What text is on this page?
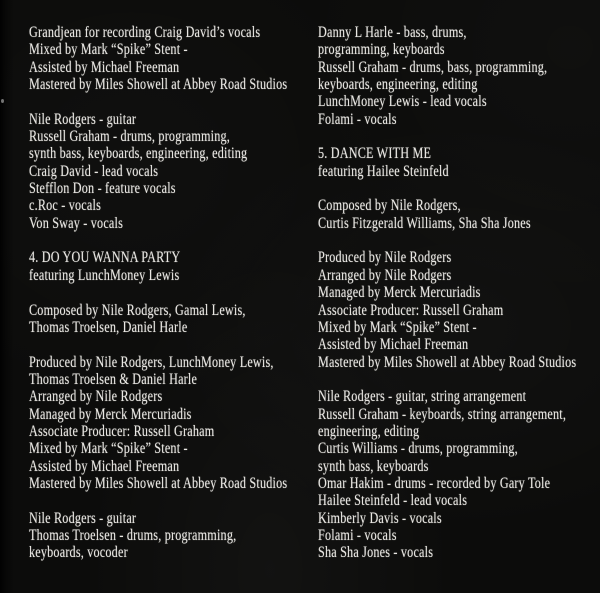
Grandjean for recording Craig David’s vocals
Mixed by Mark “Spike” Stent -
Assisted by Michael Freeman
Mastered by Miles Showell at Abbey Road Studios

Nile Rodgers - guitar
Russell Graham - drums, programming,
synth bass, keyboards, engineering, editing
Craig David - lead vocals
Stefflon Don - feature vocals
c.Roc - vocals
Von Sway - vocals

4. DO YOU WANNA PARTY
featuring LunchMoney Lewis

Composed by Nile Rodgers, Gamal Lewis,
Thomas Troelsen, Daniel Harle

Produced by Nile Rodgers, LunchMoney Lewis,
Thomas Troelsen & Daniel Harle
Arranged by Nile Rodgers
Managed by Merck Mercuriadis
Associate Producer: Russell Graham
Mixed by Mark “Spike” Stent -
Assisted by Michael Freeman
Mastered by Miles Showell at Abbey Road Studios

Nile Rodgers - guitar
Thomas Troelsen - drums, programming,
keyboards, vocoder
Danny L Harle - bass, drums,
programming, keyboards
Russell Graham - drums, bass, programming,
keyboards, engineering, editing
LunchMoney Lewis - lead vocals
Folami - vocals

5. DANCE WITH ME
featuring Hailee Steinfeld

Composed by Nile Rodgers,
Curtis Fitzgerald Williams, Sha Sha Jones

Produced by Nile Rodgers
Arranged by Nile Rodgers
Managed by Merck Mercuriadis
Associate Producer: Russell Graham
Mixed by Mark “Spike” Stent -
Assisted by Michael Freeman
Mastered by Miles Showell at Abbey Road Studios

Nile Rodgers - guitar, string arrangement
Russell Graham - keyboards, string arrangement,
engineering, editing
Curtis Williams - drums, programming,
synth bass, keyboards
Omar Hakim - drums - recorded by Gary Tole
Hailee Steinfeld - lead vocals
Kimberly Davis - vocals
Folami - vocals
Sha Sha Jones - vocals
